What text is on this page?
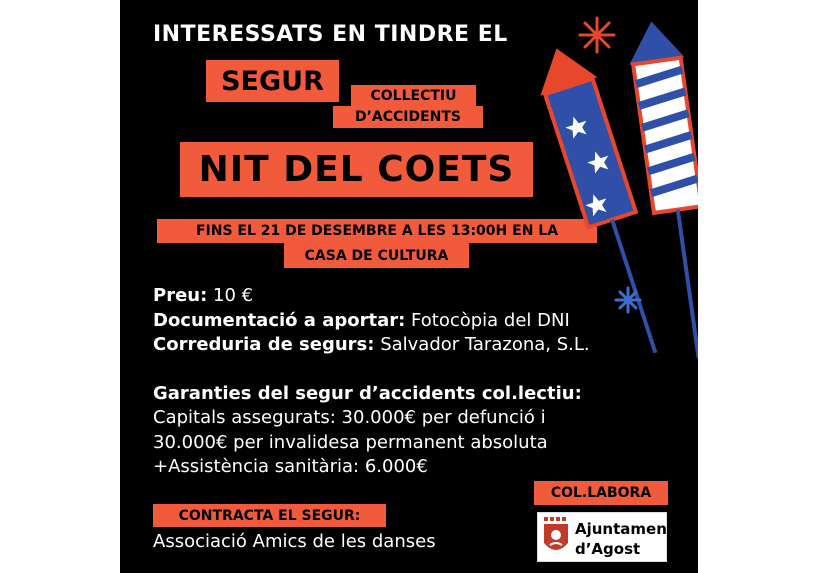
INTERESSATS EN TINDRE EL
SEGUR	COLLECTIU
D’ACCIDENTS
NIT DEL COETS
FINS EL 21 DE DESEMBRE A LES 13:00H EN LA
CASA DE CULTURA
Preu: 10 €
Documentació a aportar: Fotocòpia del DNI
Correduria de segurs: Salvador Tarazona, S.L.
Garanties del segur d’accidents col.lectiu:
Capitals assegurats: 30.000€ per defunció i
30.000€ per invalidesa permanent absoluta
+Assistència sanitària: 6.000€
CONTRACTA EL SEGUR:
Associació Amics de les danses
COL.LABORA
Ajuntament
d’Agost
